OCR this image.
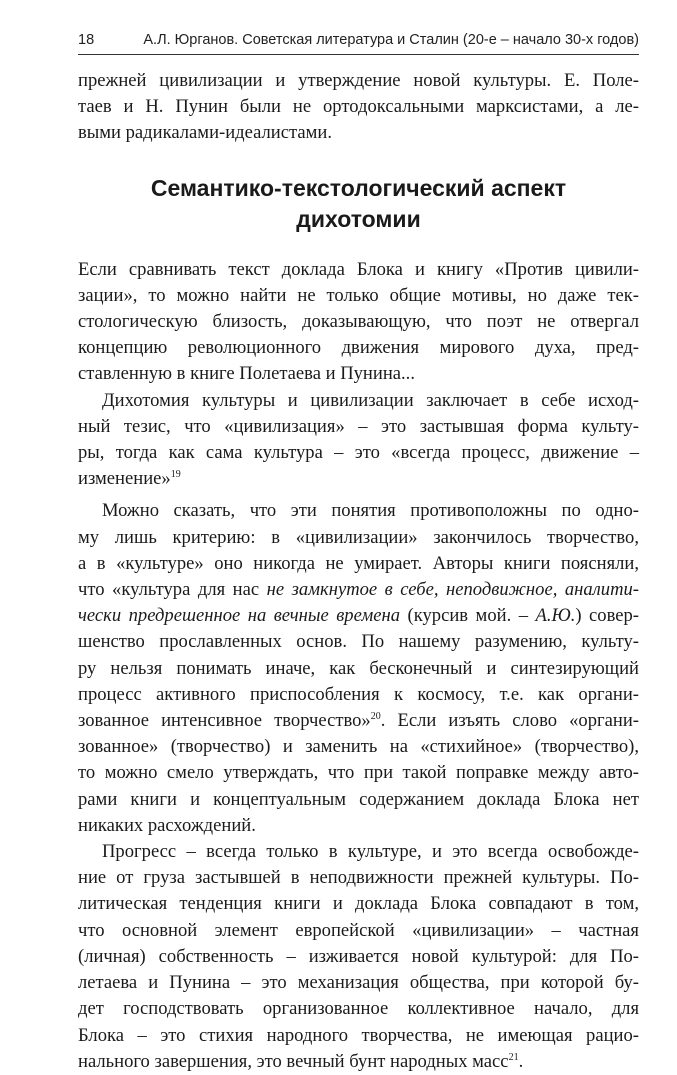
18	А.Л. Юрганов. Советская литература и Сталин (20-е – начало 30-х годов)
прежней цивилизации и утверждение новой культуры. Е. Поле-
таев и Н. Пунин были не ортодоксальными марксистами, а ле-
выми радикалами-идеалистами.
Семантико-текстологический аспект
дихотомии
Если сравнивать текст доклада Блока и книгу «Против цивили-
зации», то можно найти не только общие мотивы, но даже тек-
стологическую близость, доказывающую, что поэт не отвергал
концепцию революционного движения мирового духа, пред-
ставленную в книге Полетаева и Пунина...
Дихотомия культуры и цивилизации заключает в себе исход-
ный тезис, что «цивилизация» – это застывшая форма культу-
ры, тогда как сама культура – это «всегда процесс, движение –
изменение»$^{19}$
Можно сказать, что эти понятия противоположны по одно-
му лишь критерию: в «цивилизации» закончилось творчество,
а в «культуре» оно никогда не умирает. Авторы книги поясняли,
что «культура для нас не замкнутое в себе, неподвижное, аналити-
чески предрешенное на вечные времена (курсив мой. – А.Ю.) совер-
шенство прославленных основ. По нашему разумению, культу-
ру нельзя понимать иначе, как бесконечный и синтезирующий
процесс активного приспособления к космосу, т.е. как органи-
зованное интенсивное творчество»$^{20}$. Если изъять слово «органи-
зованное» (творчество) и заменить на «стихийное» (творчество),
то можно смело утверждать, что при такой поправке между авто-
рами книги и концептуальным содержанием доклада Блока нет
никаких расхождений.
Прогресс – всегда только в культуре, и это всегда освобожде-
ние от груза застывшей в неподвижности прежней культуры. По-
литическая тенденция книги и доклада Блока совпадают в том,
что основной элемент европейской «цивилизации» – частная
(личная) собственность – изживается новой культурой: для По-
летаева и Пунина – это механизация общества, при которой бу-
дет господствовать организованное коллективное начало, для
Блока – это стихия народного творчества, не имеющая рацио-
нального завершения, это вечный бунт народных масс$^{21}$.
